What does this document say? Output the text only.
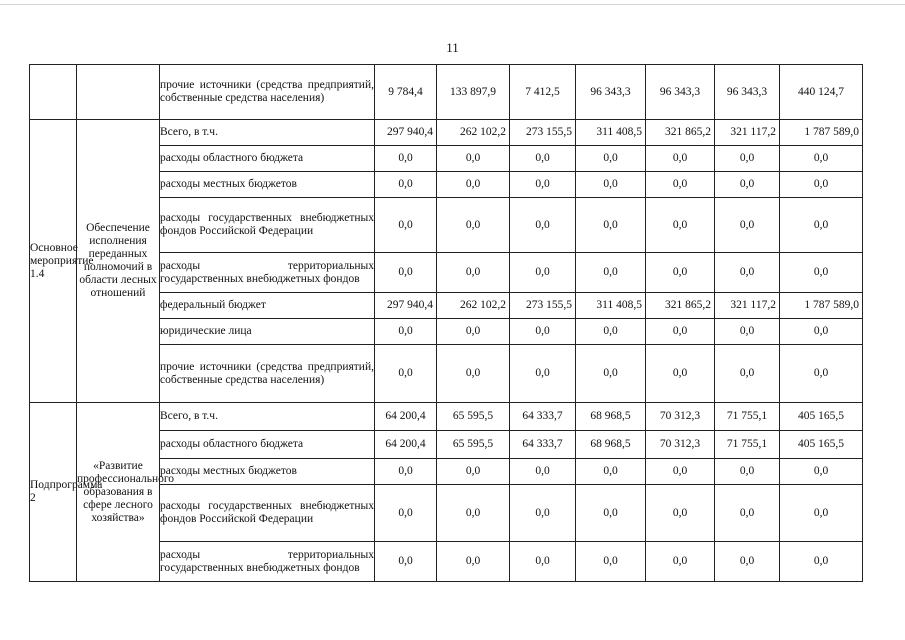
11
		прочие источники (средства предприятий, собственные средства населения)	9 784,4	133 897,9	7 412,5	96 343,3	96 343,3	96 343,3	440 124,7
Основное мероприятие 1.4	Обеспечение исполнения переданных полномочий в области лесных отношений	Всего, в т.ч.	297 940,4	262 102,2	273 155,5	311 408,5	321 865,2	321 117,2	1 787 589,0
		расходы областного бюджета	0,0	0,0	0,0	0,0	0,0	0,0	0,0
		расходы местных бюджетов	0,0	0,0	0,0	0,0	0,0	0,0	0,0
		расходы государственных внебюджетных фондов Российской Федерации	0,0	0,0	0,0	0,0	0,0	0,0	0,0
		расходы территориальных государственных внебюджетных фондов	0,0	0,0	0,0	0,0	0,0	0,0	0,0
		федеральный бюджет	297 940,4	262 102,2	273 155,5	311 408,5	321 865,2	321 117,2	1 787 589,0
		юридические лица	0,0	0,0	0,0	0,0	0,0	0,0	0,0
		прочие источники (средства предприятий, собственные средства населения)	0,0	0,0	0,0	0,0	0,0	0,0	0,0
Подпрограмма 2	«Развитие профессионального образования в сфере лесного хозяйства»	Всего, в т.ч.	64 200,4	65 595,5	64 333,7	68 968,5	70 312,3	71 755,1	405 165,5
		расходы областного бюджета	64 200,4	65 595,5	64 333,7	68 968,5	70 312,3	71 755,1	405 165,5
		расходы местных бюджетов	0,0	0,0	0,0	0,0	0,0	0,0	0,0
		расходы государственных внебюджетных фондов Российской Федерации	0,0	0,0	0,0	0,0	0,0	0,0	0,0
		расходы территориальных государственных внебюджетных фондов	0,0	0,0	0,0	0,0	0,0	0,0	0,0
